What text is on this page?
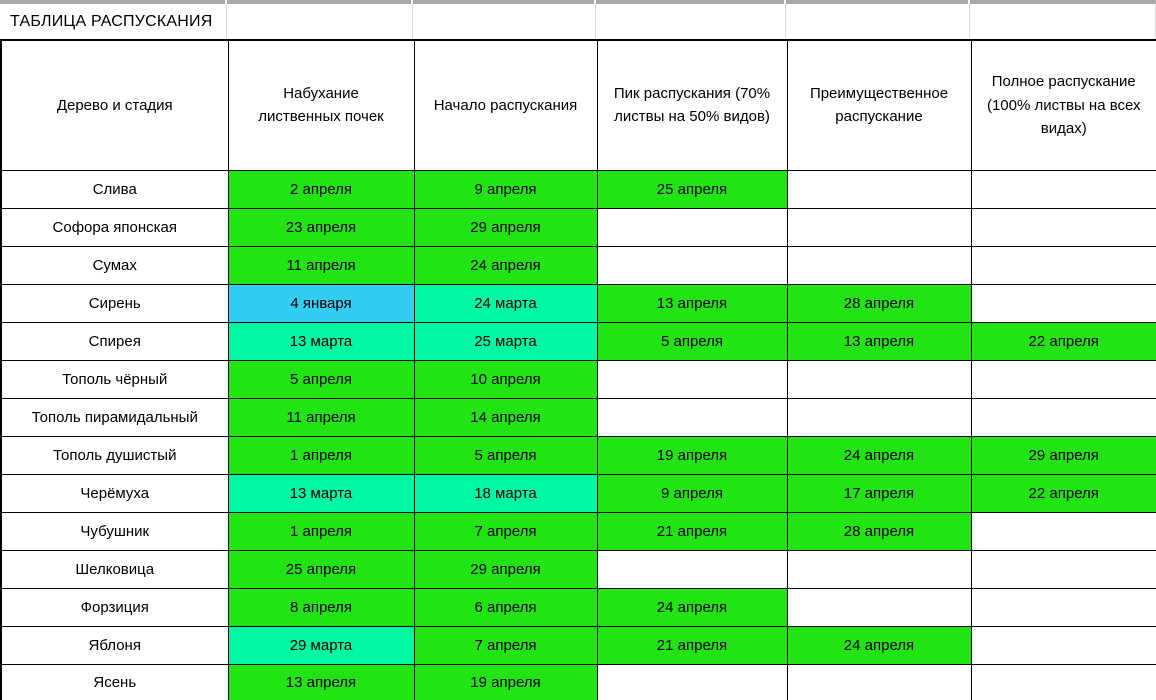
ТАБЛИЦА РАСПУСКАНИЯ
Дерево и стадия	Набухание лиственных почек	Начало распускания	Пик распускания (70% листвы на 50% видов)	Преимущественное распускание	Полное распускание (100% листвы на всех видах)
Слива	2 апреля	9 апреля	25 апреля		
Софора японская	23 апреля	29 апреля			
Сумах	11 апреля	24 апреля			
Сирень	4 января	24 марта	13 апреля	28 апреля	
Спирея	13 марта	25 марта	5 апреля	13 апреля	22 апреля
Тополь чёрный	5 апреля	10 апреля			
Тополь пирамидальный	11 апреля	14 апреля			
Тополь душистый	1 апреля	5 апреля	19 апреля	24 апреля	29 апреля
Черёмуха	13 марта	18 марта	9 апреля	17 апреля	22 апреля
Чубушник	1 апреля	7 апреля	21 апреля	28 апреля	
Шелковица	25 апреля	29 апреля			
Форзиция	8 апреля	6 апреля	24 апреля		
Яблоня	29 марта	7 апреля	21 апреля	24 апреля	
Ясень	13 апреля	19 апреля			
